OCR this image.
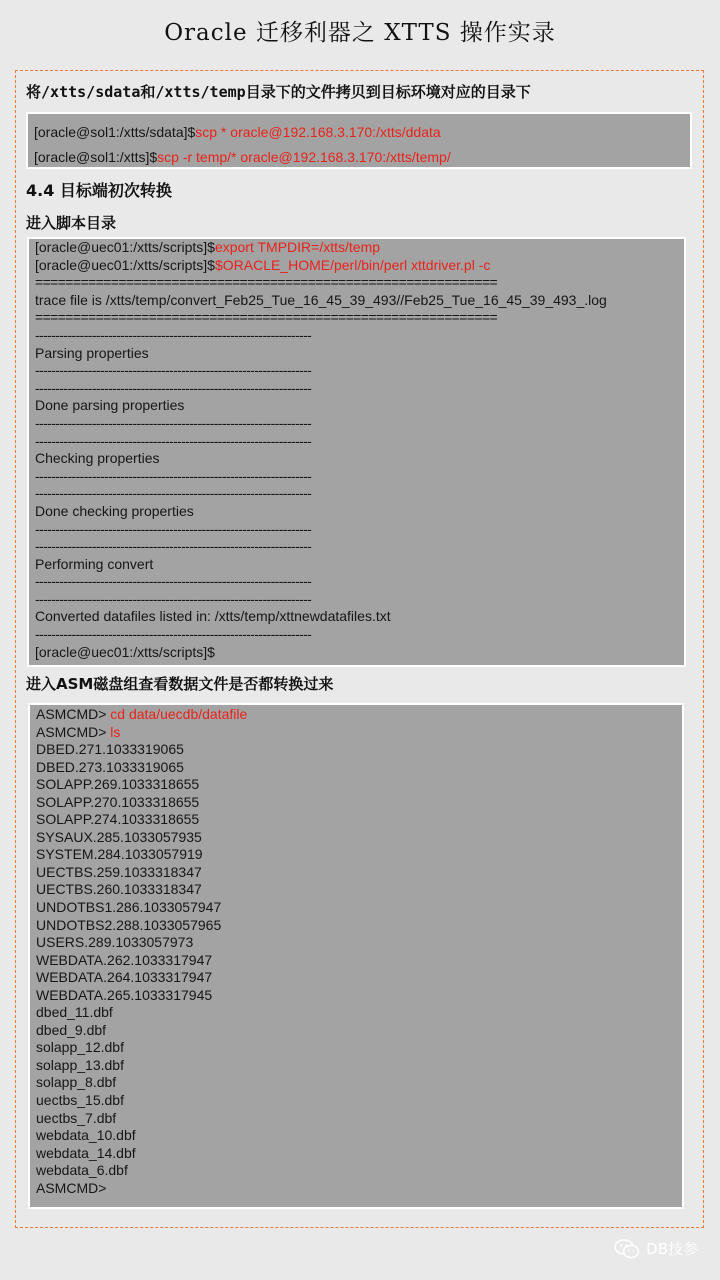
Oracle 迁移利器之 XTTS 操作实录
将/xtts/sdata和/xtts/temp目录下的文件拷贝到目标环境对应的目录下
[oracle@sol1:/xtts/sdata]$scp * oracle@192.168.3.170:/xtts/ddata
[oracle@sol1:/xtts]$scp -r temp/* oracle@192.168.3.170:/xtts/temp/
4.4 目标端初次转换
进入脚本目录
[oracle@uec01:/xtts/scripts]$export TMPDIR=/xtts/temp
[oracle@uec01:/xtts/scripts]$$ORACLE_HOME/perl/bin/perl xttdriver.pl -c
=============================================================
trace file is /xtts/temp/convert_Feb25_Tue_16_45_39_493//Feb25_Tue_16_45_39_493_.log
=============================================================
--------------------------------------------------------------------
Parsing properties
--------------------------------------------------------------------
--------------------------------------------------------------------
Done parsing properties
--------------------------------------------------------------------
--------------------------------------------------------------------
Checking properties
--------------------------------------------------------------------
--------------------------------------------------------------------
Done checking properties
--------------------------------------------------------------------
--------------------------------------------------------------------
Performing convert
--------------------------------------------------------------------
--------------------------------------------------------------------
Converted datafiles listed in: /xtts/temp/xttnewdatafiles.txt
--------------------------------------------------------------------
[oracle@uec01:/xtts/scripts]$
进入ASM磁盘组查看数据文件是否都转换过来
ASMCMD> cd data/uecdb/datafile
ASMCMD> ls
DBED.271.1033319065
DBED.273.1033319065
SOLAPP.269.1033318655
SOLAPP.270.1033318655
SOLAPP.274.1033318655
SYSAUX.285.1033057935
SYSTEM.284.1033057919
UECTBS.259.1033318347
UECTBS.260.1033318347
UNDOTBS1.286.1033057947
UNDOTBS2.288.1033057965
USERS.289.1033057973
WEBDATA.262.1033317947
WEBDATA.264.1033317947
WEBDATA.265.1033317945
dbed_11.dbf
dbed_9.dbf
solapp_12.dbf
solapp_13.dbf
solapp_8.dbf
uectbs_15.dbf
uectbs_7.dbf
webdata_10.dbf
webdata_14.dbf
webdata_6.dbf
ASMCMD>
DB技参
